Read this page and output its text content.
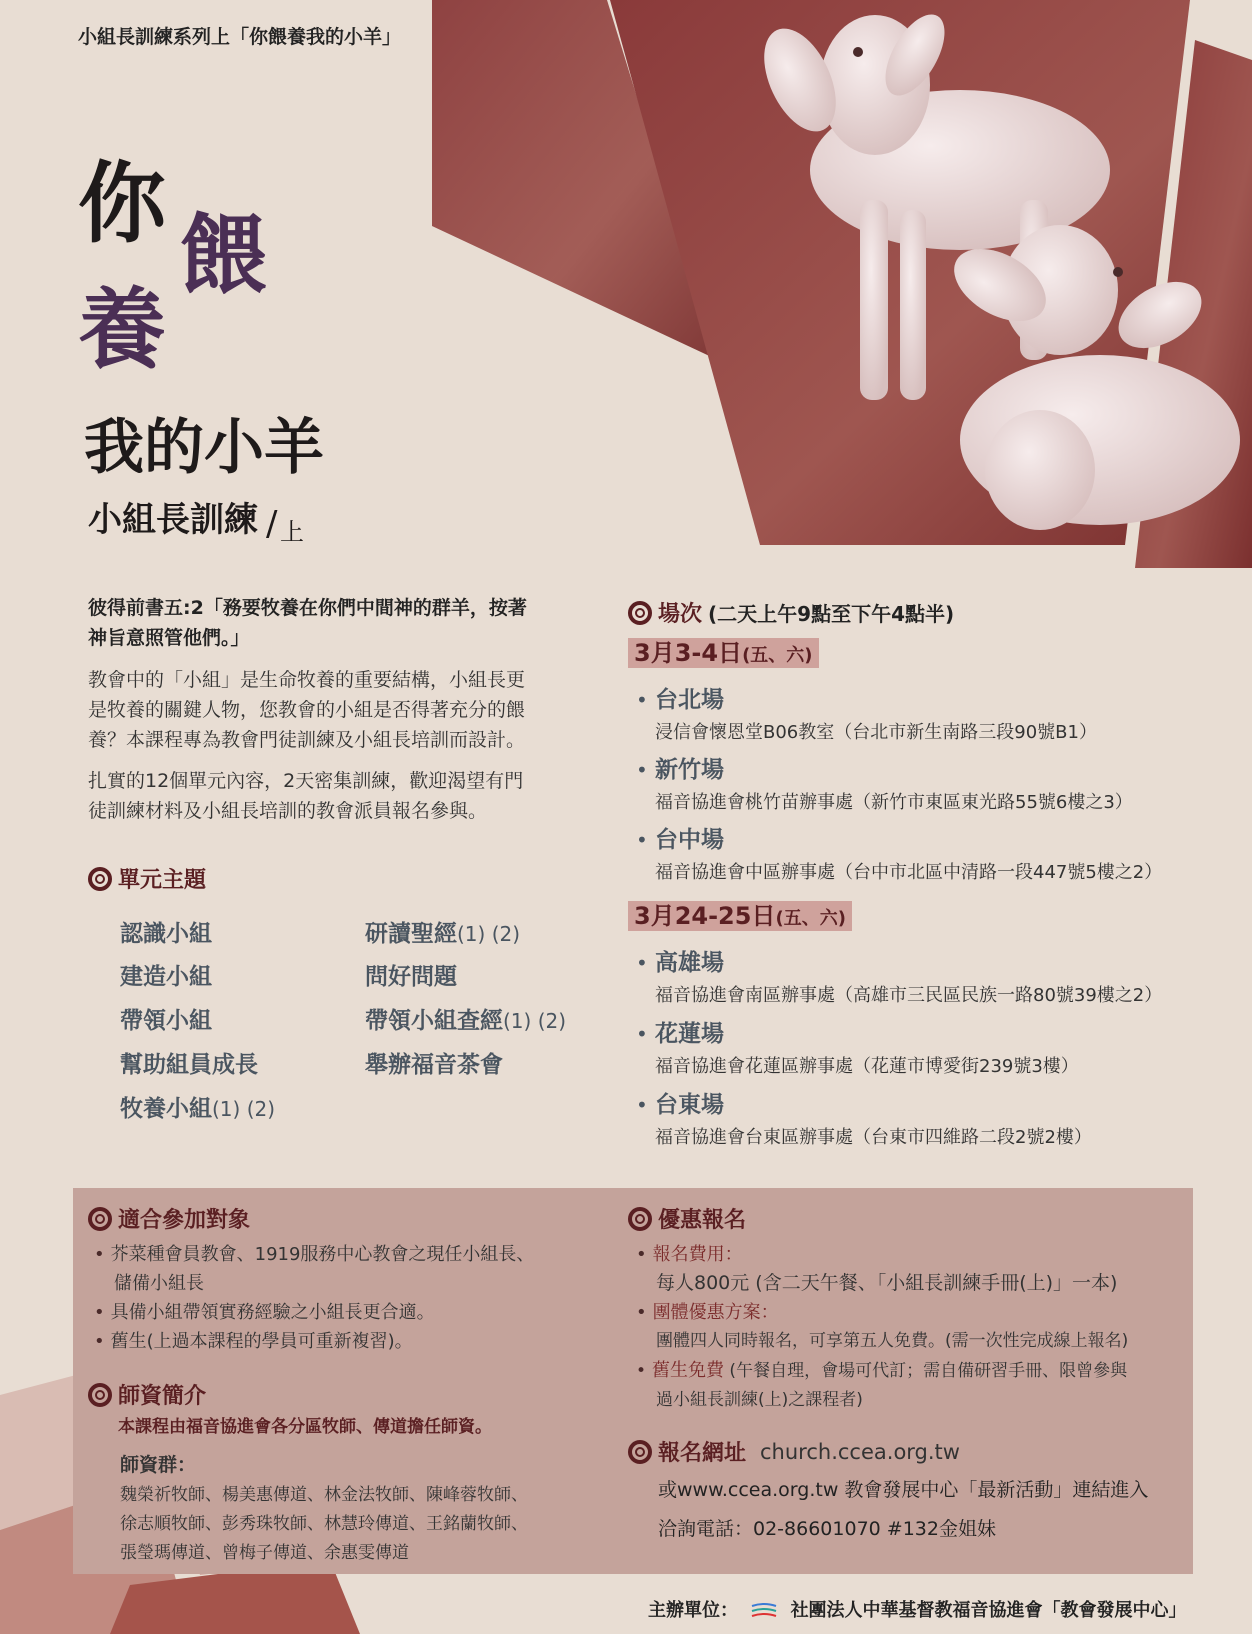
小組長訓練系列上「你餵養我的小羊」
你
餵
養
我的小羊
小組長訓練 / 上
彼得前書五:2「務要牧養在你們中間神的群羊，按著
神旨意照管他們。」
教會中的「小組」是生命牧養的重要結構，小組長更
是牧養的關鍵人物，您教會的小組是否得著充分的餵
養？本課程專為教會門徒訓練及小組長培訓而設計。
扎實的12個單元內容，2天密集訓練，歡迎渴望有門
徒訓練材料及小組長培訓的教會派員報名參與。
單元主題
認識小組
建造小組
帶領小組
幫助組員成長
牧養小組(1) (2)
研讀聖經(1) (2)
問好問題
帶領小組查經(1) (2)
舉辦福音茶會
場次 (二天上午9點至下午4點半)
3月3-4日(五、六)
• 台北場
浸信會懷恩堂B06教室（台北市新生南路三段90號B1）
• 新竹場
福音協進會桃竹苗辦事處（新竹市東區東光路55號6樓之3）
• 台中場
福音協進會中區辦事處（台中市北區中清路一段447號5樓之2）
3月24-25日(五、六)
• 高雄場
福音協進會南區辦事處（高雄市三民區民族一路80號39樓之2）
• 花蓮場
福音協進會花蓮區辦事處（花蓮市博愛街239號3樓）
• 台東場
福音協進會台東區辦事處（台東市四維路二段2號2樓）
適合參加對象
• 芥菜種會員教會、1919服務中心教會之現任小組長、
儲備小組長
• 具備小組帶領實務經驗之小組長更合適。
• 舊生(上過本課程的學員可重新複習)。
師資簡介
本課程由福音協進會各分區牧師、傳道擔任師資。
師資群：
魏榮祈牧師、楊美惠傳道、林金法牧師、陳峰蓉牧師、
徐志順牧師、彭秀珠牧師、林慧玲傳道、王銘蘭牧師、
張瑩瑪傳道、曾梅子傳道、余惠雯傳道
優惠報名
• 報名費用：
每人800元 (含二天午餐、「小組長訓練手冊(上)」一本)
• 團體優惠方案：
團體四人同時報名，可享第五人免費。(需一次性完成線上報名)
• 舊生免費 (午餐自理，會場可代訂；需自備研習手冊、限曾參與
過小組長訓練(上)之課程者)
報名網址 church.ccea.org.tw
或www.ccea.org.tw 教會發展中心「最新活動」連結進入
洽詢電話：02-86601070 #132金姐妹
主辦單位：	社團法人中華基督教福音協進會「教會發展中心」
